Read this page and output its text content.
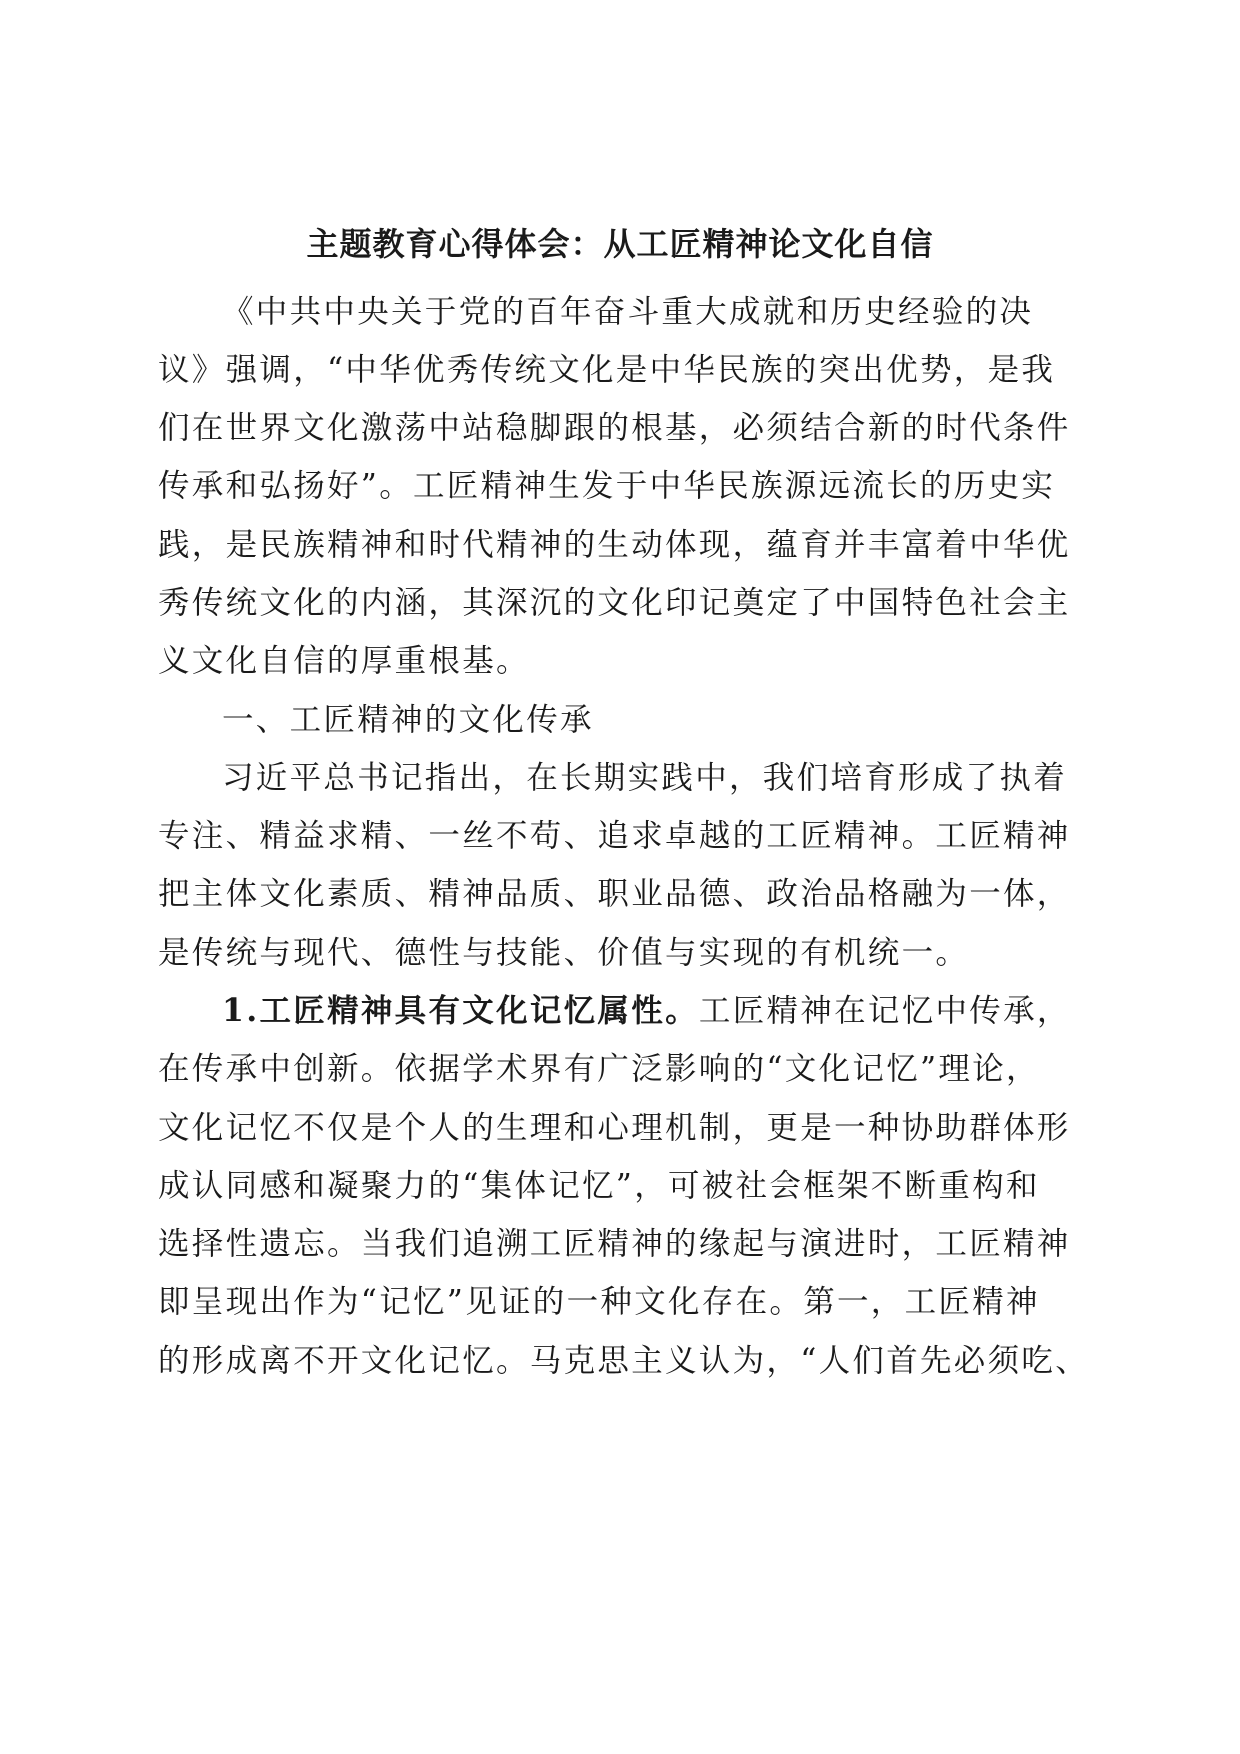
主题教育心得体会：从工匠精神论文化自信
《中共中央关于党的百年奋斗重大成就和历史经验的决
议》强调，“中华优秀传统文化是中华民族的突出优势，是我
们在世界文化激荡中站稳脚跟的根基，必须结合新的时代条件
传承和弘扬好”。工匠精神生发于中华民族源远流长的历史实
践，是民族精神和时代精神的生动体现，蕴育并丰富着中华优
秀传统文化的内涵，其深沉的文化印记奠定了中国特色社会主
义文化自信的厚重根基。
一、工匠精神的文化传承
习近平总书记指出，在长期实践中，我们培育形成了执着
专注、精益求精、一丝不苟、追求卓越的工匠精神。工匠精神
把主体文化素质、精神品质、职业品德、政治品格融为一体，
是传统与现代、德性与技能、价值与实现的有机统一。
1.工匠精神具有文化记忆属性。工匠精神在记忆中传承，
在传承中创新。依据学术界有广泛影响的“文化记忆”理论，
文化记忆不仅是个人的生理和心理机制，更是一种协助群体形
成认同感和凝聚力的“集体记忆”，可被社会框架不断重构和
选择性遗忘。当我们追溯工匠精神的缘起与演进时，工匠精神
即呈现出作为“记忆”见证的一种文化存在。第一，工匠精神
的形成离不开文化记忆。马克思主义认为，“人们首先必须吃、
